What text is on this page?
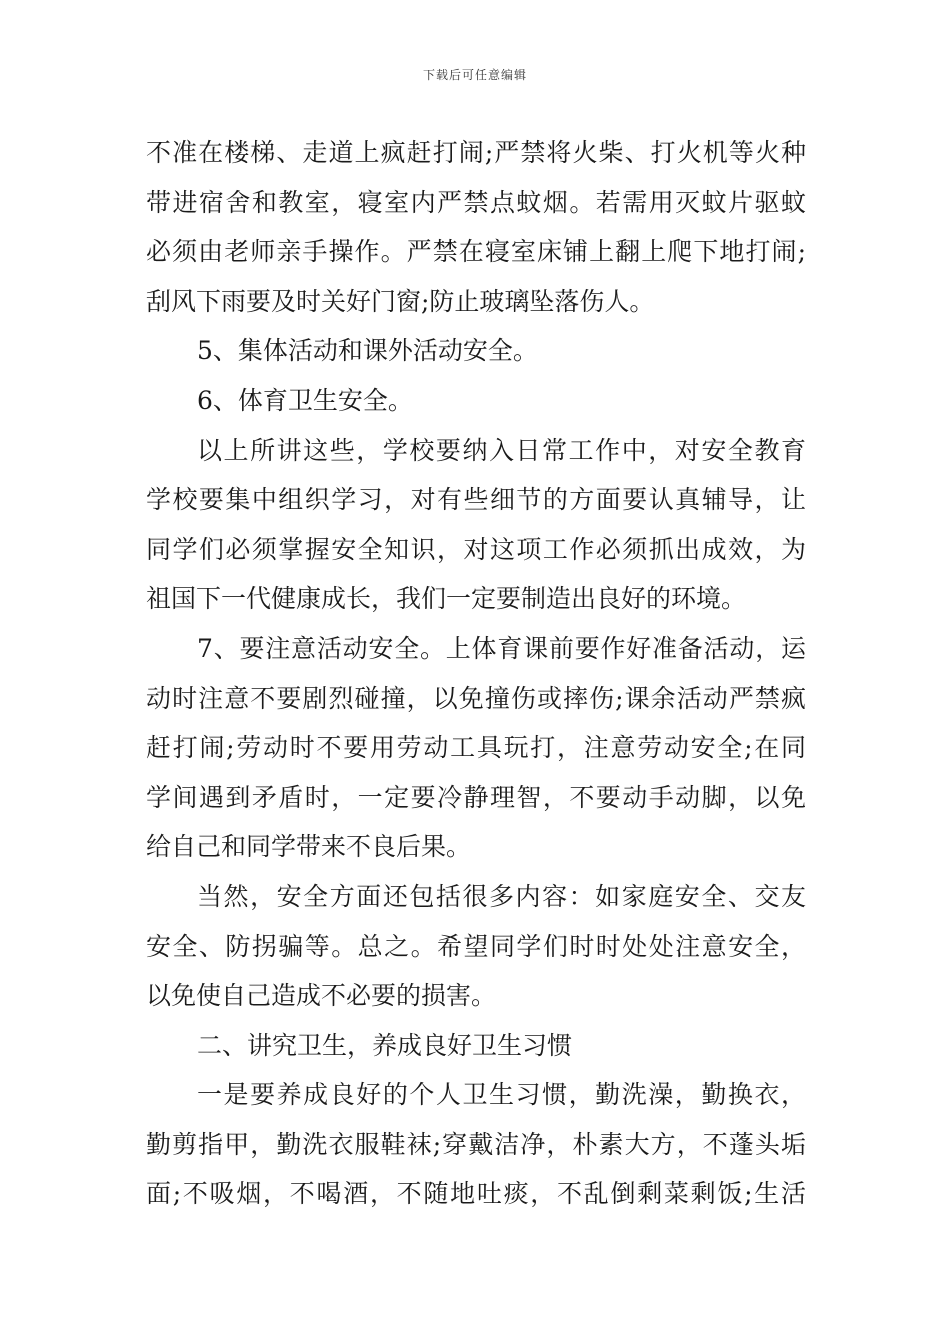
下载后可任意编辑
不准在楼梯、走道上疯赶打闹;严禁将火柴、打火机等火种
带进宿舍和教室，寝室内严禁点蚊烟。若需用灭蚊片驱蚊
必须由老师亲手操作。严禁在寝室床铺上翻上爬下地打闹;
刮风下雨要及时关好门窗;防止玻璃坠落伤人。
5、集体活动和课外活动安全。
6、体育卫生安全。
以上所讲这些，学校要纳入日常工作中，对安全教育
学校要集中组织学习，对有些细节的方面要认真辅导，让
同学们必须掌握安全知识，对这项工作必须抓出成效，为
祖国下一代健康成长，我们一定要制造出良好的环境。
7、要注意活动安全。上体育课前要作好准备活动，运
动时注意不要剧烈碰撞，以免撞伤或摔伤;课余活动严禁疯
赶打闹;劳动时不要用劳动工具玩打，注意劳动安全;在同
学间遇到矛盾时，一定要冷静理智，不要动手动脚，以免
给自己和同学带来不良后果。
当然，安全方面还包括很多内容：如家庭安全、交友
安全、防拐骗等。总之。希望同学们时时处处注意安全，
以免使自己造成不必要的损害。
二、讲究卫生，养成良好卫生习惯
一是要养成良好的个人卫生习惯，勤洗澡，勤换衣，
勤剪指甲，勤洗衣服鞋袜;穿戴洁净，朴素大方，不蓬头垢
面;不吸烟，不喝酒，不随地吐痰，不乱倒剩菜剩饭;生活
